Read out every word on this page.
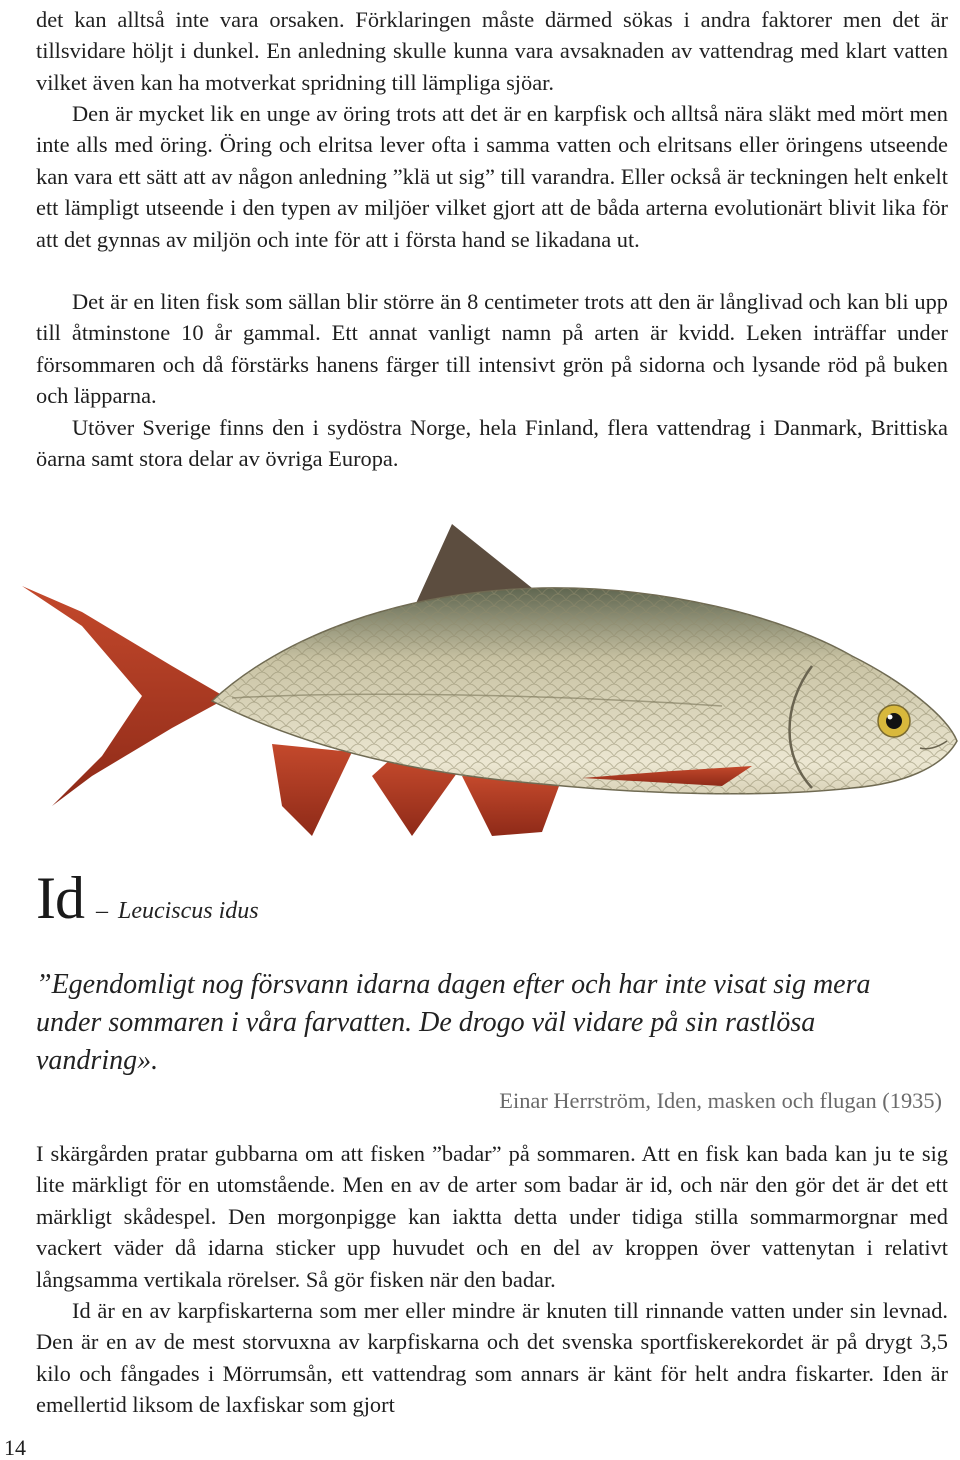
det kan alltså inte vara orsaken. Förklaringen måste därmed sökas i andra faktorer men det är tillsvidare höljt i dunkel. En anledning skulle kunna vara avsaknaden av vattendrag med klart vatten vilket även kan ha motverkat spridning till lämpliga sjöar.

Den är mycket lik en unge av öring trots att det är en karpfisk och alltså nära släkt med mört men inte alls med öring. Öring och elritsa lever ofta i samma vatten och elritsans eller öringens utseende kan vara ett sätt att av någon anledning ”klä ut sig” till varandra. Eller också är teckningen helt enkelt ett lämpligt utseende i den typen av miljöer vilket gjort att de båda arterna evolutionärt blivit lika för att det gynnas av miljön och inte för att i första hand se likadana ut.

Det är en liten fisk som sällan blir större än 8 centimeter trots att den är långlivad och kan bli upp till åtminstone 10 år gammal. Ett annat vanligt namn på arten är kvidd. Leken inträffar under försommaren och då förstärks hanens färger till intensivt grön på sidorna och lysande röd på buken och läpparna.

Utöver Sverige finns den i sydöstra Norge, hela Finland, flera vattendrag i Danmark, Brittiska öarna samt stora delar av övriga Europa.

Id – Leuciscus idus

”Egendomligt nog försvann idarna dagen efter och har inte visat sig mera under sommaren i våra farvatten. De drogo väl vidare på sin rastlösa vandring».

Einar Herrström, Iden, masken och flugan (1935)

I skärgården pratar gubbarna om att fisken ”badar” på sommaren. Att en fisk kan bada kan ju te sig lite märkligt för en utomstående. Men en av de arter som badar är id, och när den gör det är det ett märkligt skådespel. Den morgonpigge kan iaktta detta under tidiga stilla sommarmorgnar med vackert väder då idarna sticker upp huvudet och en del av kroppen över vattenytan i relativt långsamma vertikala rörelser. Så gör fisken när den badar.

Id är en av karpfiskarterna som mer eller mindre är knuten till rinnande vatten under sin levnad. Den är en av de mest storvuxna av karpfiskarna och det svenska sportfiskerekordet är på drygt 3,5 kilo och fångades i Mörrumsån, ett vattendrag som annars är känt för helt andra fiskarter. Iden är emellertid liksom de laxfiskar som gjort

14
